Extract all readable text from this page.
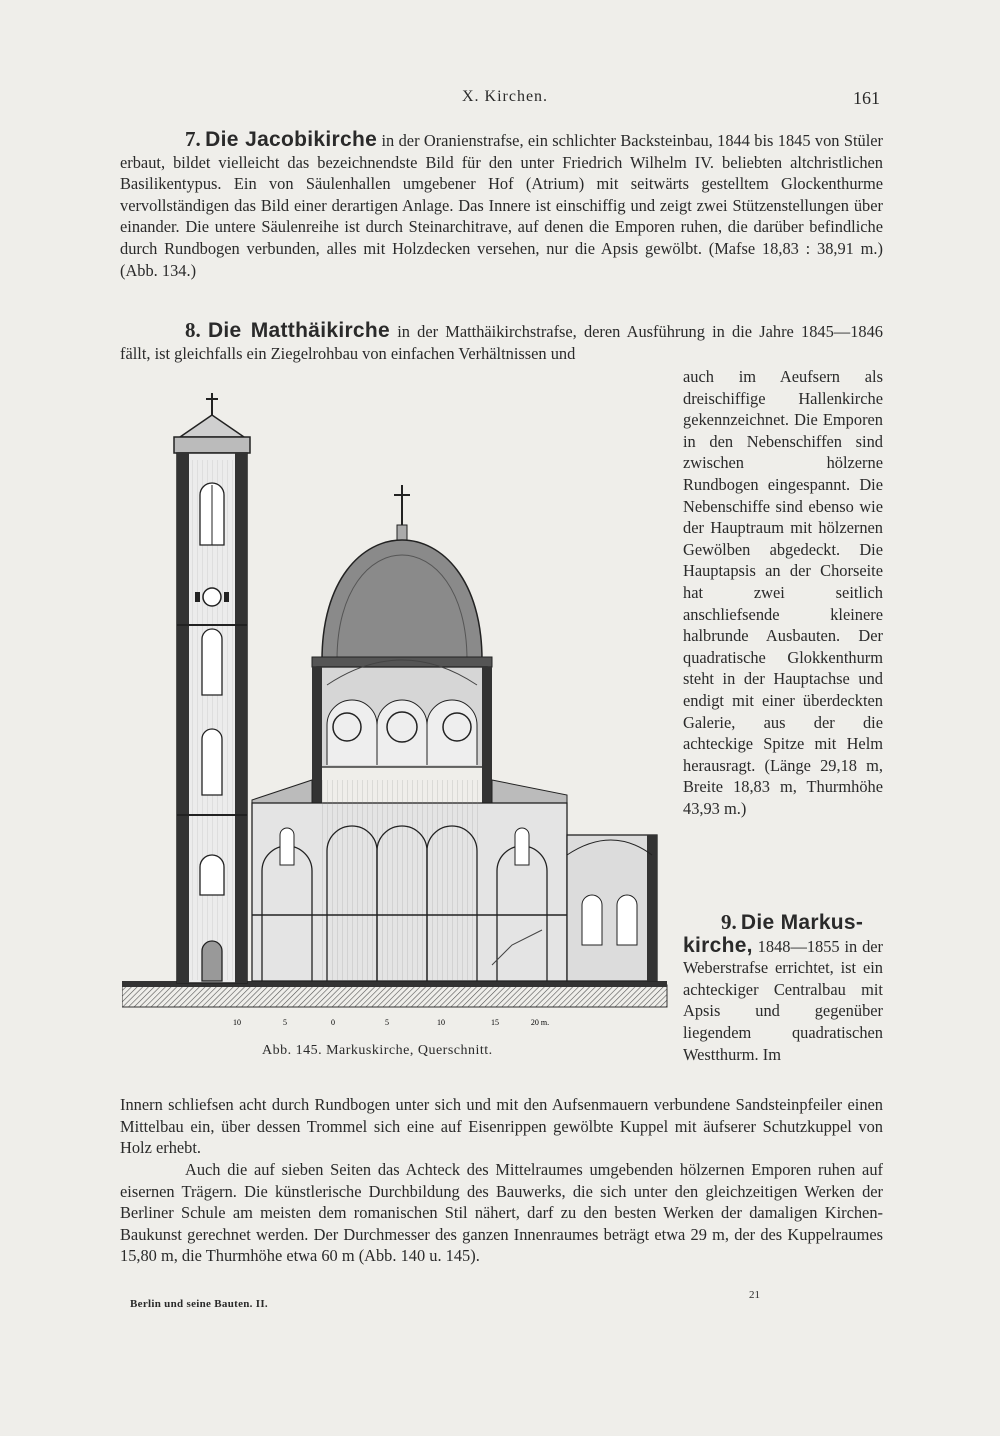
X. Kirchen.	161
7. Die Jacobikirche in der Oranienstrafse, ein schlichter Backsteinbau, 1844 bis 1845 von Stüler erbaut, bildet vielleicht das bezeichnendste Bild für den unter Friedrich Wilhelm IV. beliebten altchristlichen Basilikentypus. Ein von Säulenhallen umgebener Hof (Atrium) mit seitwärts gestelltem Glockenthurme vervollständigen das Bild einer derartigen Anlage. Das Innere ist einschiffig und zeigt zwei Stützenstellungen über einander. Die untere Säulenreihe ist durch Steinarchitrave, auf denen die Emporen ruhen, die darüber befindliche durch Rundbogen verbunden, alles mit Holzdecken versehen, nur die Apsis gewölbt. (Mafse 18,83 : 38,91 m.) (Abb. 134.)
8. Die Matthäikirche in der Matthäikirchstrafse, deren Ausführung in die Jahre 1845—1846 fällt, ist gleichfalls ein Ziegelrohbau von einfachen Verhältnissen und
auch im Aeufsern als dreischiffige Hallenkirche gekennzeichnet. Die Emporen in den Nebenschiffen sind zwischen hölzerne Rundbogen eingespannt. Die Nebenschiffe sind ebenso wie der Hauptraum mit hölzernen Gewölben abgedeckt. Die Hauptapsis an der Chorseite hat zwei seitlich anschliefsende kleinere halbrunde Ausbauten. Der quadratische Glokkenthurm steht in der Hauptachse und endigt mit einer überdeckten Galerie, aus der die achteckige Spitze mit Helm herausragt. (Länge 29,18 m, Breite 18,83 m, Thurmhöhe 43,93 m.)
9. Die Markus-
kirche, 1848—1855 in der Weberstrafse errichtet, ist ein achteckiger Centralbau mit Apsis und gegenüber liegendem quadratischen Westthurm. Im
Innern schliefsen acht durch Rundbogen unter sich und mit den Aufsenmauern verbundene Sandsteinpfeiler einen Mittelbau ein, über dessen Trommel sich eine auf Eisenrippen gewölbte Kuppel mit äufserer Schutzkuppel von Holz erhebt.
Auch die auf sieben Seiten das Achteck des Mittelraumes umgebenden hölzernen Emporen ruhen auf eisernen Trägern. Die künstlerische Durchbildung des Bauwerks, die sich unter den gleichzeitigen Werken der Berliner Schule am meisten dem romanischen Stil nähert, darf zu den besten Werken der damaligen Kirchen-Baukunst gerechnet werden. Der Durchmesser des ganzen Innenraumes beträgt etwa 29 m, der des Kuppelraumes 15,80 m, die Thurmhöhe etwa 60 m (Abb. 140 u. 145).
10	5	0	5	10	15	20 m.
Abb. 145. Markuskirche, Querschnitt.
Berlin und seine Bauten. II.
21
